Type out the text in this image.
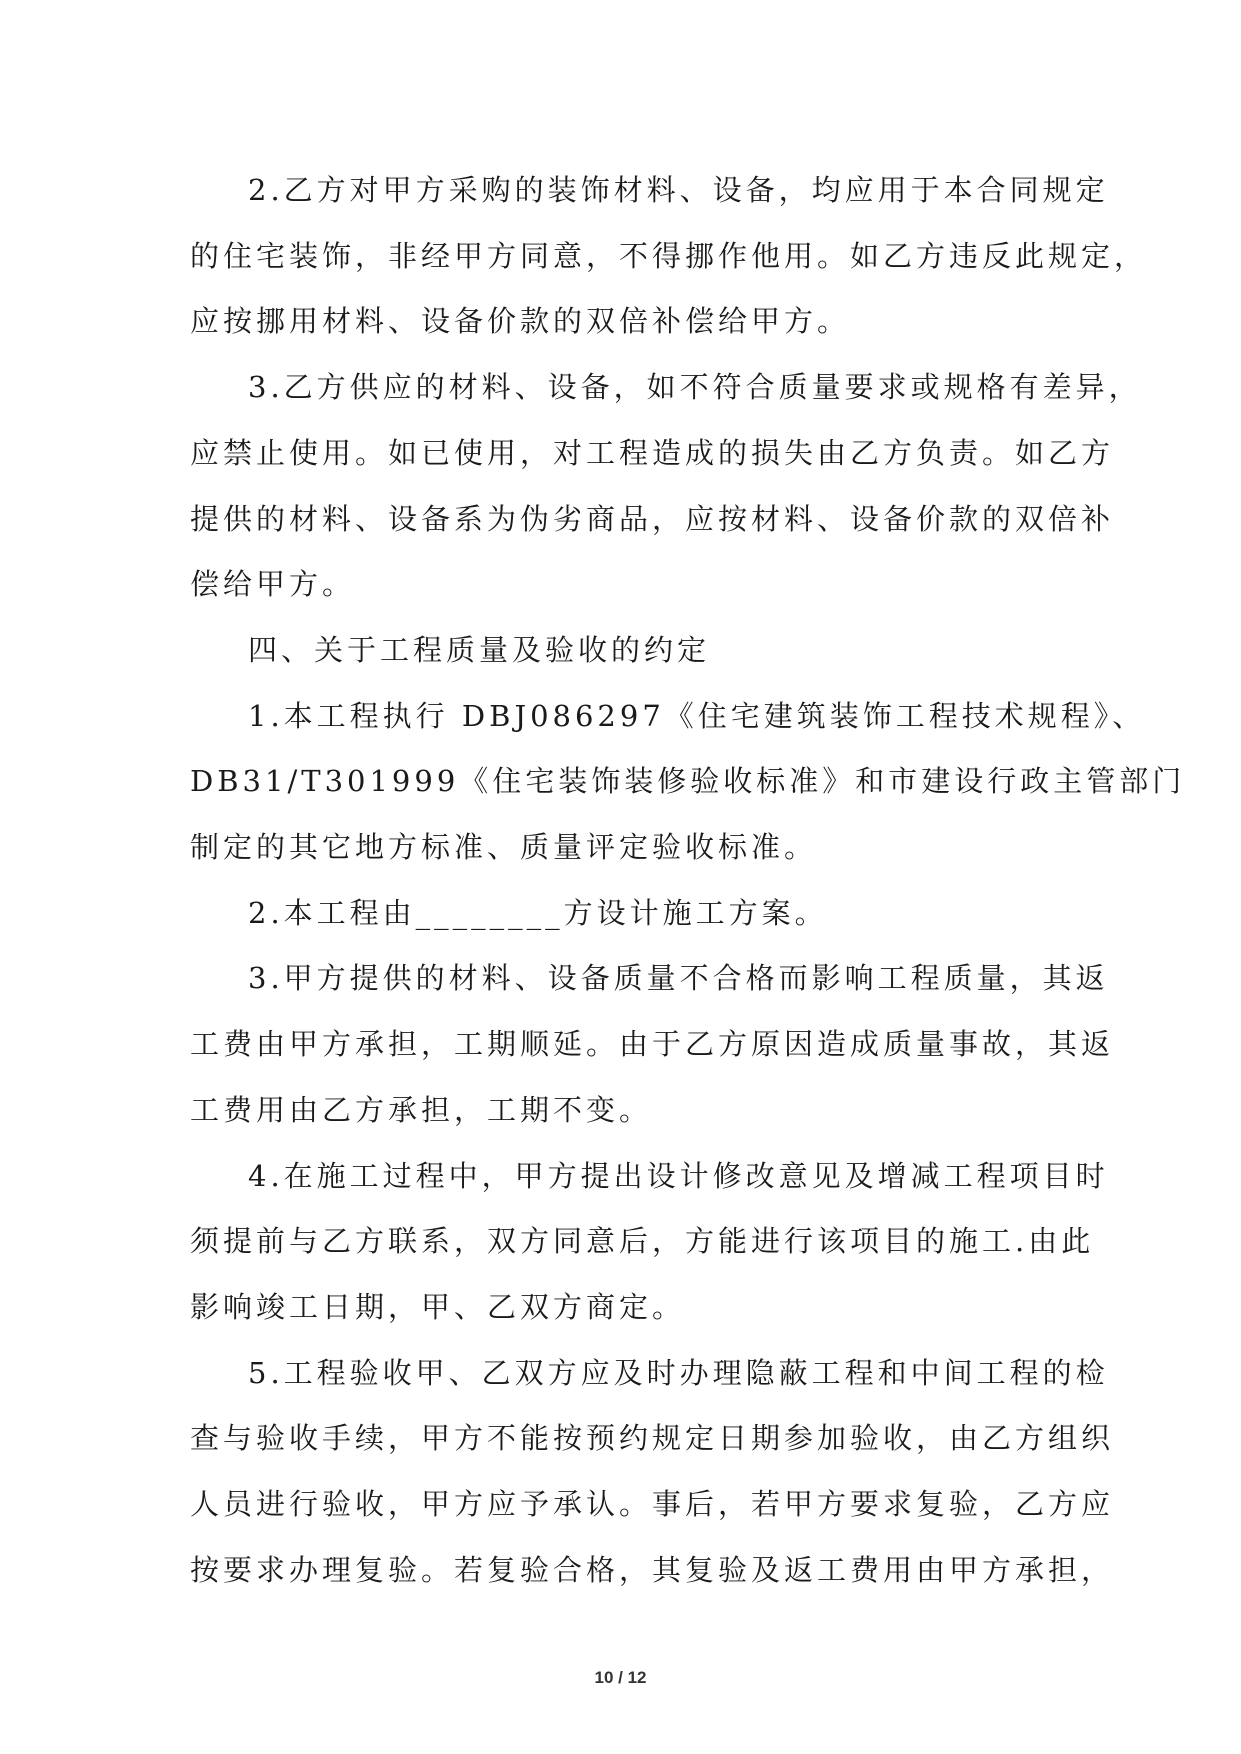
2.乙方对甲方采购的装饰材料、设备，均应用于本合同规定
的住宅装饰，非经甲方同意，不得挪作他用。如乙方违反此规定，
应按挪用材料、设备价款的双倍补偿给甲方。

3.乙方供应的材料、设备，如不符合质量要求或规格有差异，
应禁止使用。如已使用，对工程造成的损失由乙方负责。如乙方
提供的材料、设备系为伪劣商品，应按材料、设备价款的双倍补
偿给甲方。

四、关于工程质量及验收的约定

1.本工程执行 DBJ086297《住宅建筑装饰工程技术规程》、
DB31/T301999《住宅装饰装修验收标准》和市建设行政主管部门
制定的其它地方标准、质量评定验收标准。

2.本工程由________方设计施工方案。

3.甲方提供的材料、设备质量不合格而影响工程质量，其返
工费由甲方承担，工期顺延。由于乙方原因造成质量事故，其返
工费用由乙方承担，工期不变。

4.在施工过程中，甲方提出设计修改意见及增减工程项目时
须提前与乙方联系，双方同意后，方能进行该项目的施工.由此
影响竣工日期，甲、乙双方商定。

5.工程验收甲、乙双方应及时办理隐蔽工程和中间工程的检
查与验收手续，甲方不能按预约规定日期参加验收，由乙方组织
人员进行验收，甲方应予承认。事后，若甲方要求复验，乙方应
按要求办理复验。若复验合格，其复验及返工费用由甲方承担，

10 / 12
